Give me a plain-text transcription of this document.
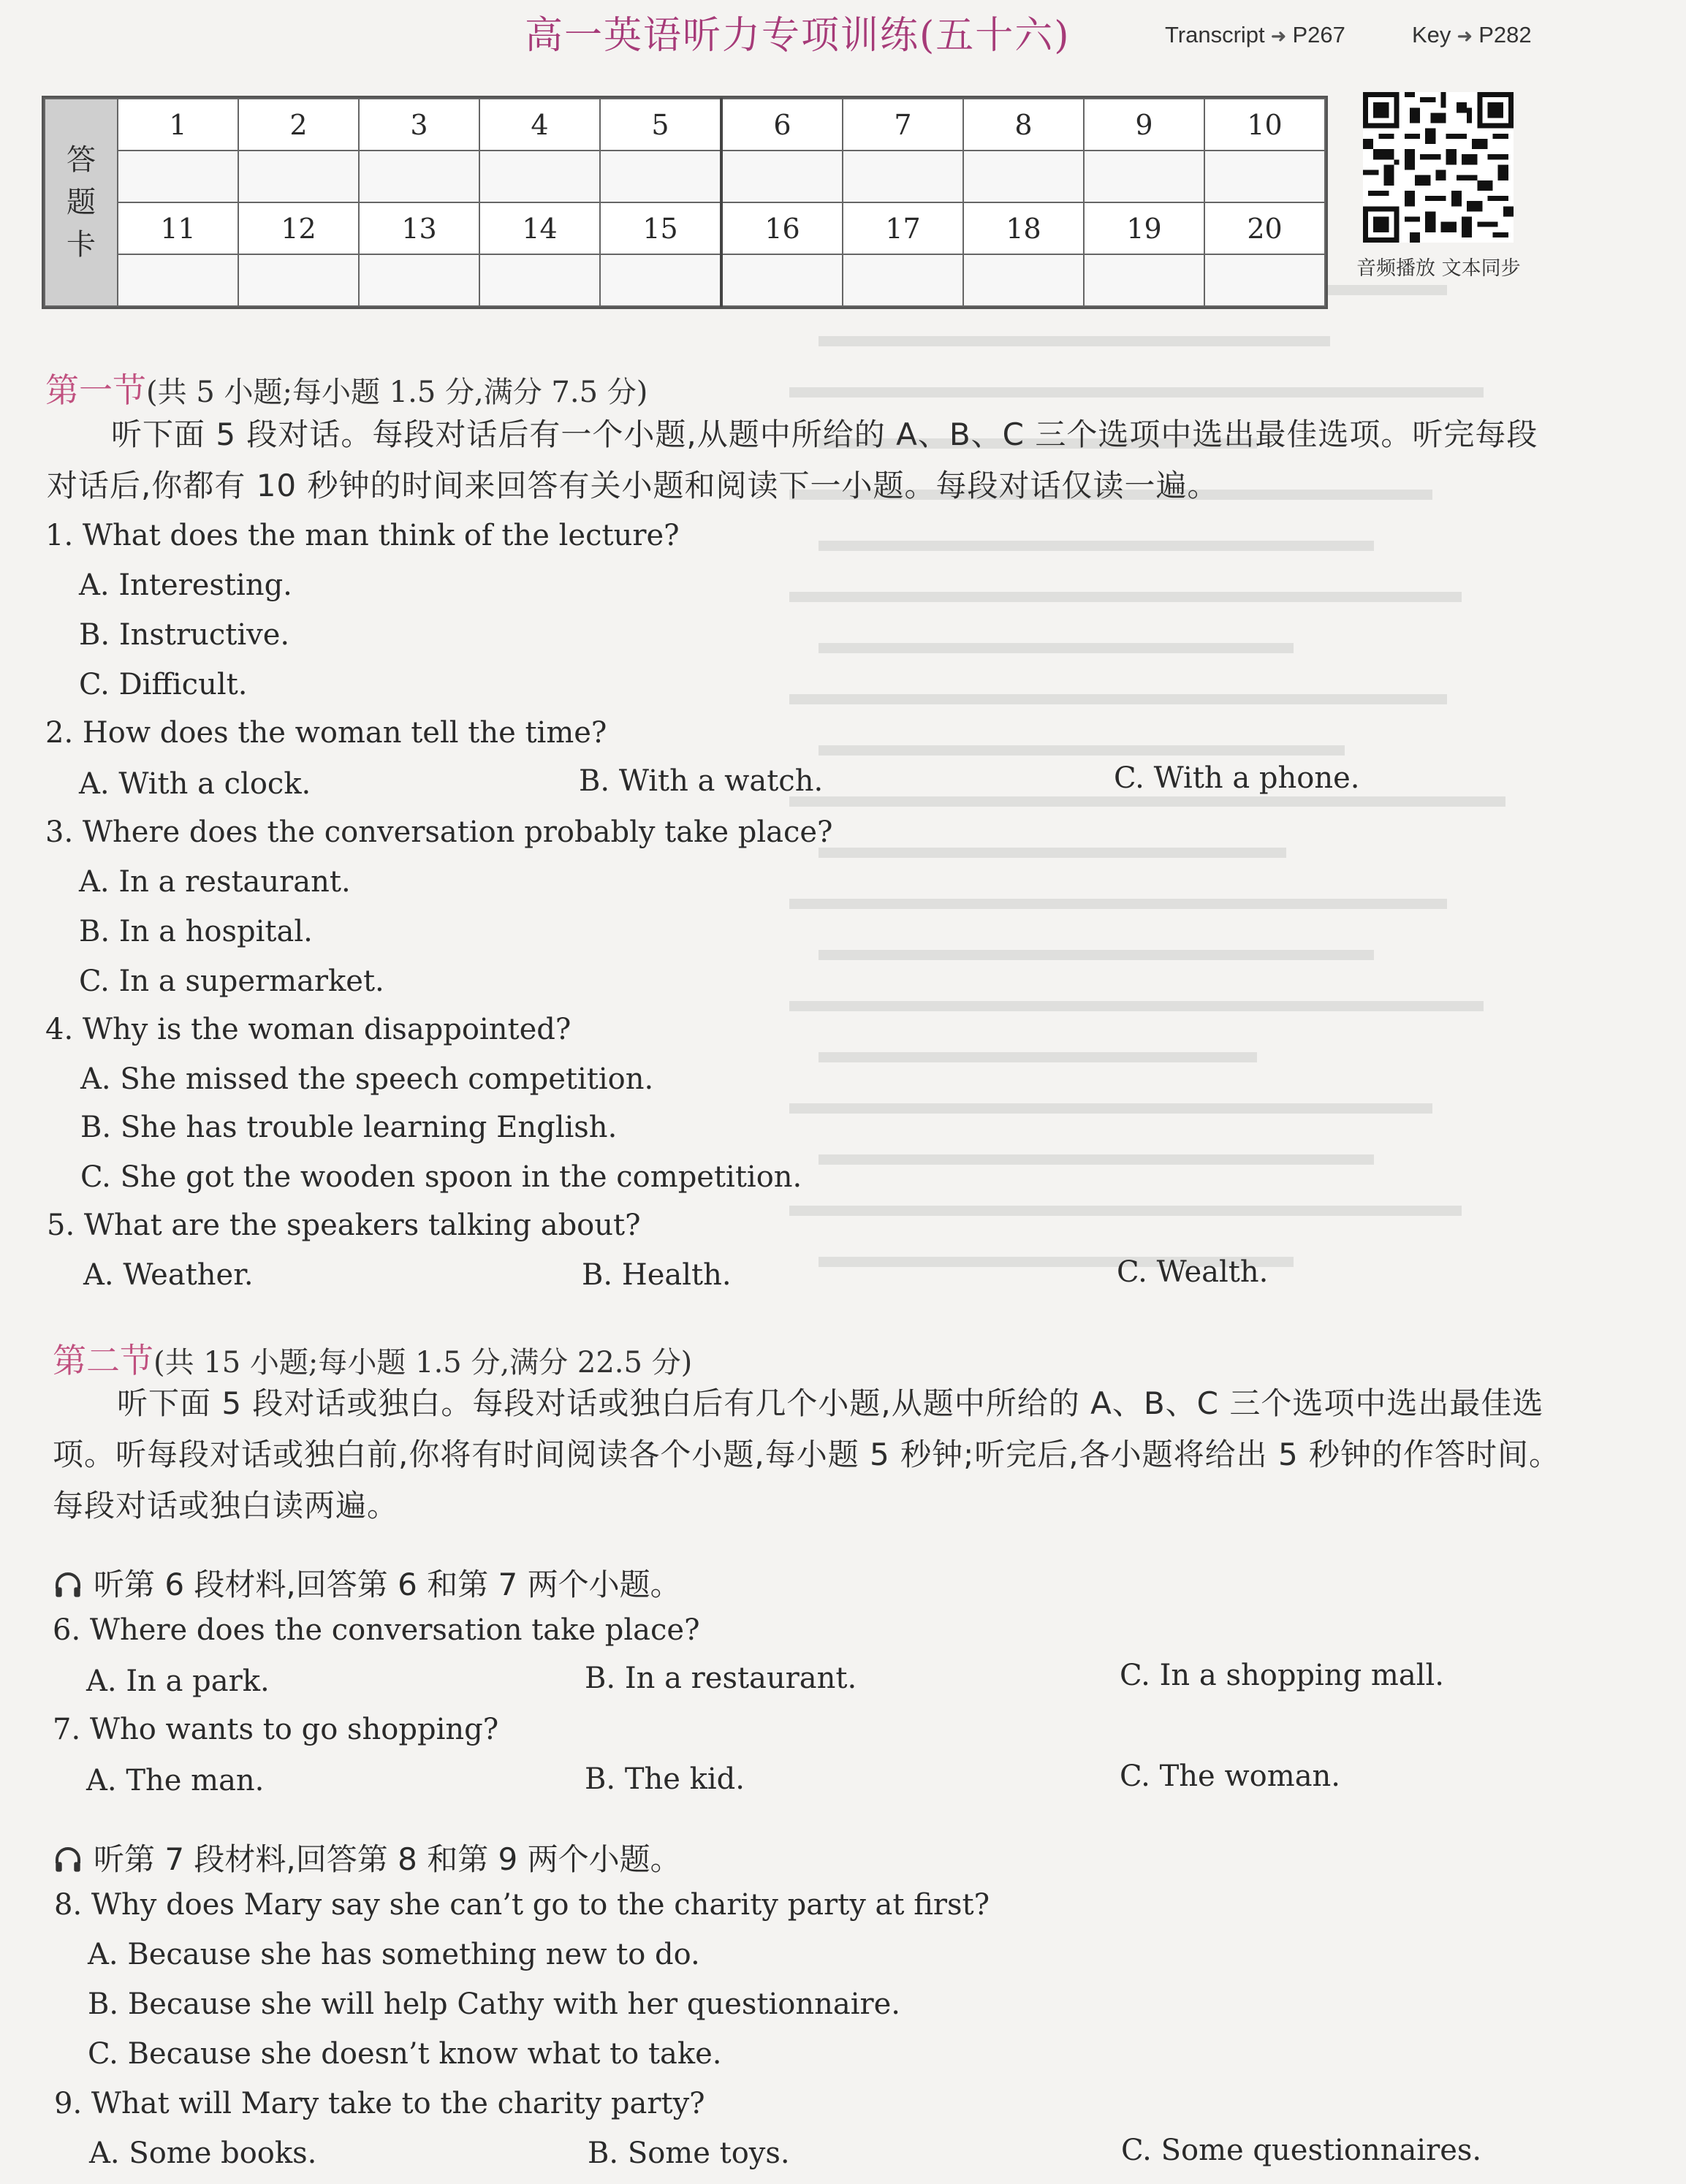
高一英语听力专项训练(五十六)	Transcript ➜ P267	Key ➜ P282
答
题
卡	1	2	3	4	5	6	7	8	9	10

	11	12	13	14	15	16	17	18	19	20

音频播放 文本同步
第一节(共 5 小题;每小题 1.5 分,满分 7.5 分)
听下面 5 段对话。每段对话后有一个小题,从题中所给的 A、B、C 三个选项中选出最佳选项。听完每段对话后,你都有 10 秒钟的时间来回答有关小题和阅读下一小题。每段对话仅读一遍。
1. What does the man think of the lecture?
A. Interesting.
B. Instructive.
C. Difficult.
2. How does the woman tell the time?
A. With a clock.	B. With a watch.	C. With a phone.
3. Where does the conversation probably take place?
A. In a restaurant.
B. In a hospital.
C. In a supermarket.
4. Why is the woman disappointed?
A. She missed the speech competition.
B. She has trouble learning English.
C. She got the wooden spoon in the competition.
5. What are the speakers talking about?
A. Weather.	B. Health.	C. Wealth.
第二节(共 15 小题;每小题 1.5 分,满分 22.5 分)
听下面 5 段对话或独白。每段对话或独白后有几个小题,从题中所给的 A、B、C 三个选项中选出最佳选项。听每段对话或独白前,你将有时间阅读各个小题,每小题 5 秒钟;听完后,各小题将给出 5 秒钟的作答时间。每段对话或独白读两遍。
听第 6 段材料,回答第 6 和第 7 两个小题。
6. Where does the conversation take place?
A. In a park.	B. In a restaurant.	C. In a shopping mall.
7. Who wants to go shopping?
A. The man.	B. The kid.	C. The woman.
听第 7 段材料,回答第 8 和第 9 两个小题。
8. Why does Mary say she can’t go to the charity party at first?
A. Because she has something new to do.
B. Because she will help Cathy with her questionnaire.
C. Because she doesn’t know what to take.
9. What will Mary take to the charity party?
A. Some books.	B. Some toys.	C. Some questionnaires.
